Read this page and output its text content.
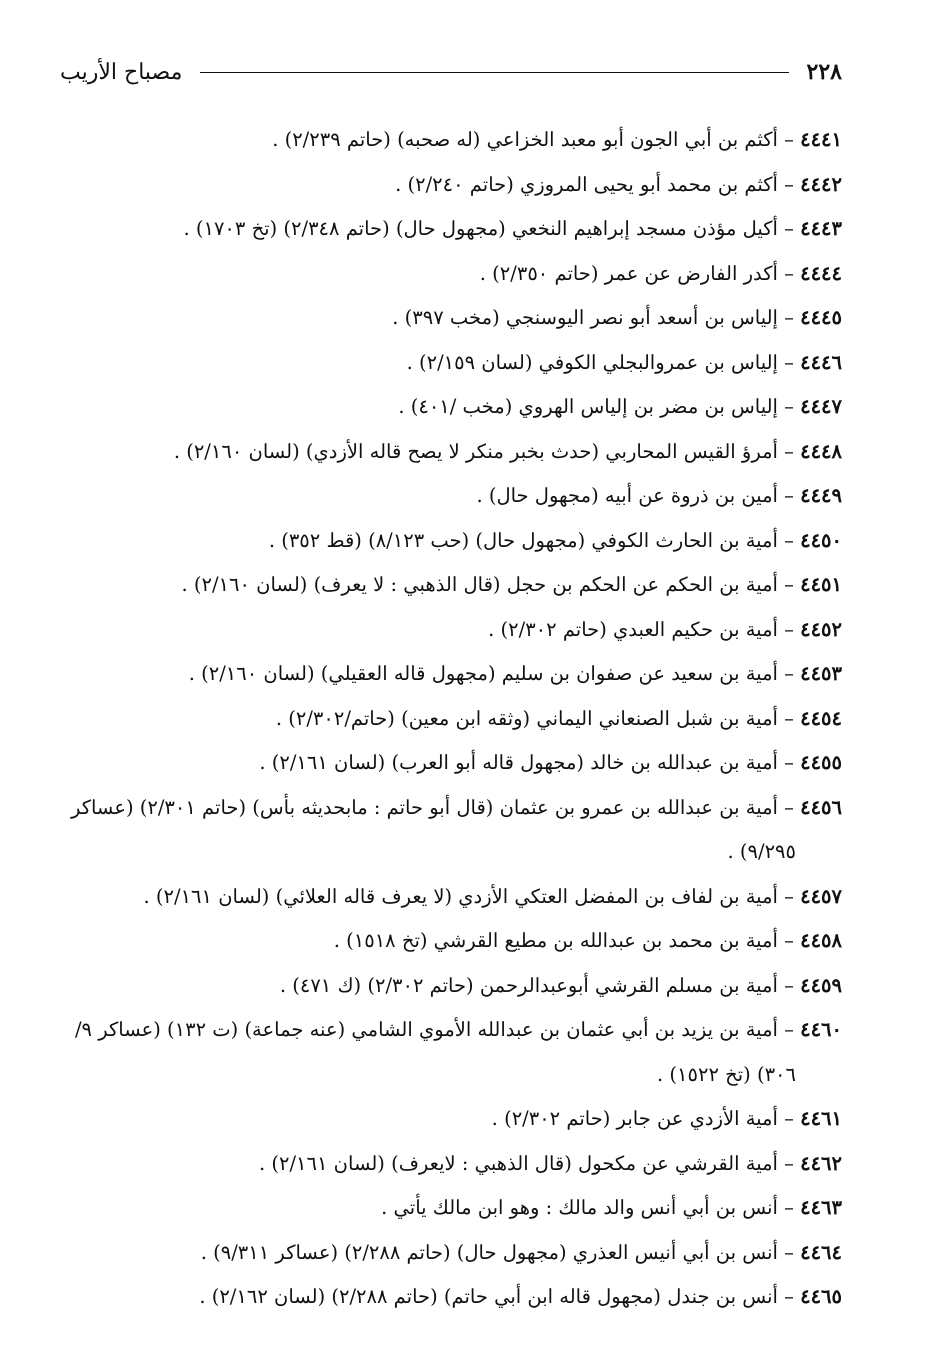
٢٢٨
مصباح الأريب
٤٤٤١ – أكثم بن أبي الجون أبو معبد الخزاعي (له صحبه) (حاتم ٢/٢٣٩) .
٤٤٤٢ – أكثم بن محمد أبو يحيى المروزي (حاتم ٢/٢٤٠) .
٤٤٤٣ – أكيل مؤذن مسجد إبراهيم النخعي (مجهول حال) (حاتم ٢/٣٤٨) (تخ ١٧٠٣) .
٤٤٤٤ – أكدر الفارض عن عمر (حاتم ٢/٣٥٠) .
٤٤٤٥ – إلياس بن أسعد أبو نصر اليوسنجي (مخب ٣٩٧) .
٤٤٤٦ – إلياس بن عمروالبجلي الكوفي (لسان ٢/١٥٩) .
٤٤٤٧ – إلياس بن مضر بن إلياس الهروي (مخب /٤٠١) .
٤٤٤٨ – أمرؤ القيس المحاربي (حدث بخبر منكر لا يصح قاله الأزدي) (لسان ٢/١٦٠) .
٤٤٤٩ – أمين بن ذروة عن أبيه (مجهول حال) .
٤٤٥٠ – أمية بن الحارث الكوفي (مجهول حال) (حب ٨/١٢٣) (قط ٣٥٢) .
٤٤٥١ – أمية بن الحكم عن الحكم بن حجل (قال الذهبي : لا يعرف) (لسان ٢/١٦٠) .
٤٤٥٢ – أمية بن حكيم العبدي (حاتم ٢/٣٠٢) .
٤٤٥٣ – أمية بن سعيد عن صفوان بن سليم (مجهول قاله العقيلي) (لسان ٢/١٦٠) .
٤٤٥٤ – أمية بن شبل الصنعاني اليماني (وثقه ابن معين) (حاتم/٢/٣٠٢) .
٤٤٥٥ – أمية بن عبدالله بن خالد (مجهول قاله أبو العرب) (لسان ٢/١٦١) .
٤٤٥٦ – أمية بن عبدالله بن عمرو بن عثمان (قال أبو حاتم : مابحديثه بأس) (حاتم ٢/٣٠١) (عساكر ٩/٢٩٥) .
٤٤٥٧ – أمية بن لفاف بن المفضل العتكي الأزدي (لا يعرف قاله العلائي) (لسان ٢/١٦١) .
٤٤٥٨ – أمية بن محمد بن عبدالله بن مطيع القرشي (تخ ١٥١٨) .
٤٤٥٩ – أمية بن مسلم القرشي أبوعبدالرحمن (حاتم ٢/٣٠٢) (ك ٤٧١) .
٤٤٦٠ – أمية بن يزيد بن أبي عثمان بن عبدالله الأموي الشامي (عنه جماعة) (ت ١٣٢) (عساكر ٩/ ٣٠٦) (تخ ١٥٢٢) .
٤٤٦١ – أمية الأزدي عن جابر (حاتم ٢/٣٠٢) .
٤٤٦٢ – أمية القرشي عن مكحول (قال الذهبي : لايعرف) (لسان ٢/١٦١) .
٤٤٦٣ – أنس بن أبي أنس والد مالك : وهو ابن مالك يأتي .
٤٤٦٤ – أنس بن أبي أنيس العذري (مجهول حال) (حاتم ٢/٢٨٨) (عساكر ٩/٣١١) .
٤٤٦٥ – أنس بن جندل (مجهول قاله ابن أبي حاتم) (حاتم ٢/٢٨٨) (لسان ٢/١٦٢) .
